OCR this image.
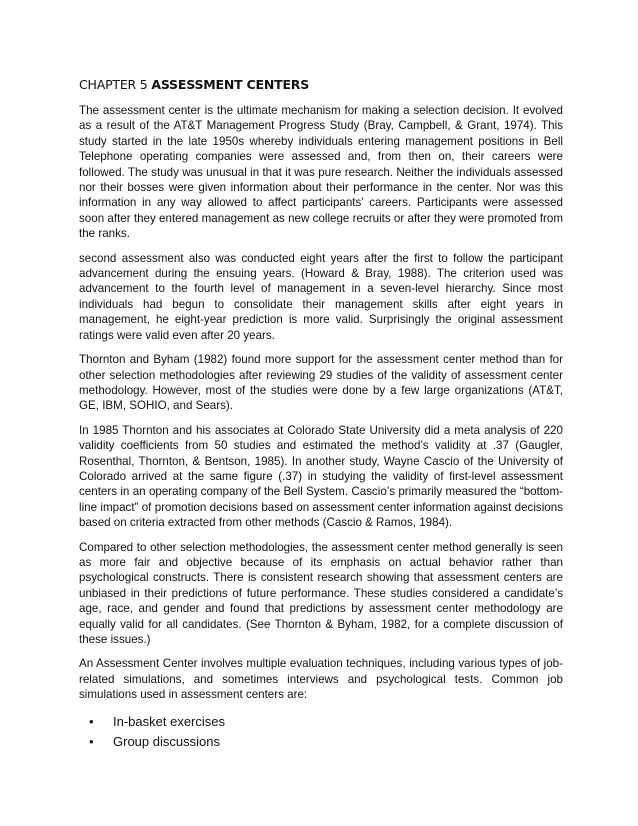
CHAPTER 5 ASSESSMENT CENTERS

The assessment center is the ultimate mechanism for making a selection decision. It evolved as a result of the AT&T Management Progress Study (Bray, Campbell, & Grant, 1974). This study started in the late 1950s whereby individuals entering management positions in Bell Telephone operating companies were assessed and, from then on, their careers were followed. The study was unusual in that it was pure research. Neither the individuals assessed nor their bosses were given information about their performance in the center. Nor was this information in any way allowed to affect participants’ careers. Participants were assessed soon after they entered management as new college recruits or after they were promoted from the ranks.

second assessment also was conducted eight years after the first to follow the participant advancement during the ensuing years. (Howard & Bray, 1988). The criterion used was advancement to the fourth level of management in a seven-level hierarchy. Since most individuals had begun to consolidate their management skills after eight years in management, he eight-year prediction is more valid. Surprisingly the original assessment ratings were valid even after 20 years.

Thornton and Byham (1982) found more support for the assessment center method than for other selection methodologies after reviewing 29 studies of the validity of assessment center methodology. However, most of the studies were done by a few large organizations (AT&T, GE, IBM, SOHIO, and Sears).

In 1985 Thornton and his associates at Colorado State University did a meta analysis of 220 validity coefficients from 50 studies and estimated the method’s validity at .37 (Gaugler, Rosenthal, Thornton, & Bentson, 1985). In another study, Wayne Cascio of the University of Colorado arrived at the same figure (.37) in studying the validity of first-level assessment centers in an operating company of the Bell System. Cascio’s primarily measured the “bottom-line impact” of promotion decisions based on assessment center information against decisions based on criteria extracted from other methods (Cascio & Ramos, 1984).

Compared to other selection methodologies, the assessment center method generally is seen as more fair and objective because of its emphasis on actual behavior rather than psychological constructs. There is consistent research showing that assessment centers are unbiased in their predictions of future performance. These studies considered a candidate’s age, race, and gender and found that predictions by assessment center methodology are equally valid for all candidates. (See Thornton & Byham, 1982, for a complete discussion of these issues.)

An Assessment Center involves multiple evaluation techniques, including various types of job-related simulations, and sometimes interviews and psychological tests. Common job simulations used in assessment centers are:

•	In-basket exercises
•	Group discussions
